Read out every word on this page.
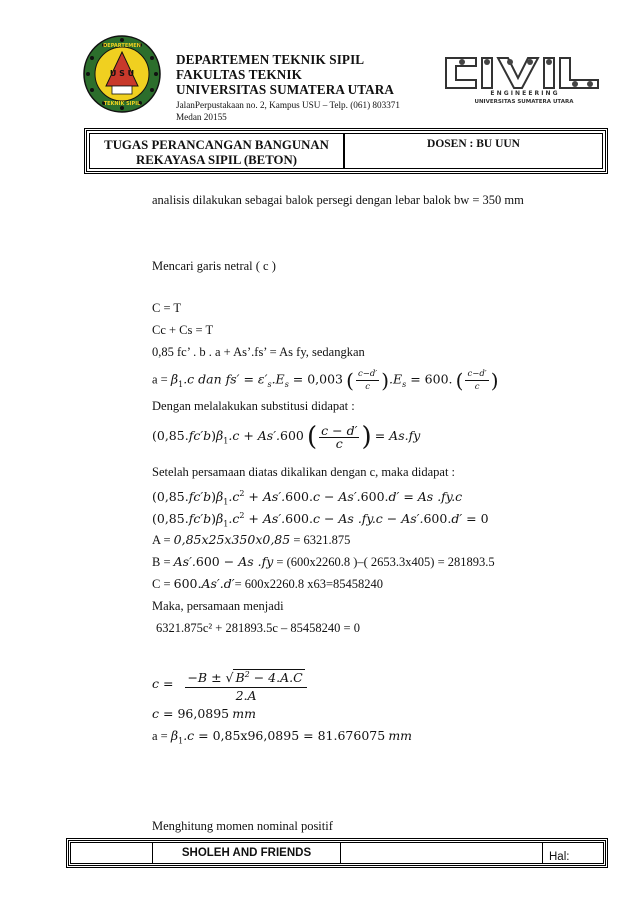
U S U
DEPARTEMEN
TEKNIK SIPIL
DEPARTEMEN TEKNIK SIPIL
FAKULTAS TEKNIK
UNIVERSITAS SUMATERA UTARA
JalanPerpustakaan no. 2, Kampus USU – Telp. (061) 803371
Medan 20155
CIVIL
E N G I N E E R I N G
UNIVERSITAS SUMATERA UTARA
TUGAS PERANCANGAN BANGUNAN REKAYASA SIPIL (BETON)
DOSEN : BU UUN
analisis dilakukan sebagai balok persegi dengan lebar balok bw = 350 mm
Mencari garis netral ( c )
C = T
Cc + Cs = T
0,85 fc’ . b . a + As’.fs’ = As fy, sedangkan
$a = \beta_1.c$ dan $fs' = \varepsilon'_s.E_s = 0,003$ ( $\frac{c-d'}{c} ).E_s = 600$. ( $\frac{c-d'}{c}$ )
Dengan melalakukan substitusi didapat :
$(0,85.fc'b)\beta_1.c + As'.600$ ( $\frac{c - d'}{c}$ ) = As.fy
Setelah persamaan diatas dikalikan dengan c, maka didapat :
$(0,85.fc'b)\beta_1.c^2 + As'.600.c - As'.600.d' = As$ .fy.c
$(0,85.fc'b)\beta_1.c^2 + As'.600.c - As$ .fy.c − As′.600.d′ = 0
A = 0,85x25x350x0,85 = 6321.875
B = As′.600 − As .fy = (600x2260.8 )–( 2653.3x405) = 281893.5
C = 600.As′.d′= 600x2260.8 x63=85458240
Maka, persamaan menjadi
6321.875c² + 281893.5c – 85458240 = 0
$c = \frac{-B \pm √ B^2 - 4.A.C}{2.A}$
c = 96,0895 mm
$a = \beta_1.c = 0,85x96,0895 = 81.676075$ mm
Menghitung momen nominal positif
SHOLEH AND FRIENDS	Hal:
